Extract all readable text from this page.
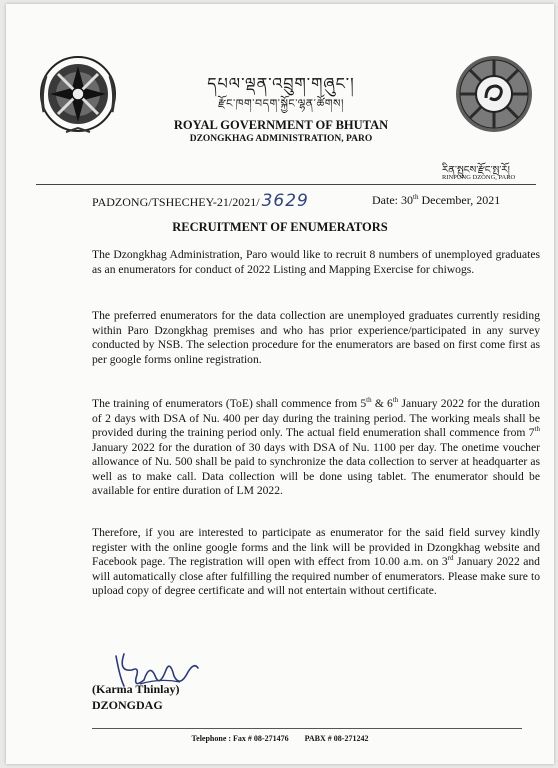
དཔལ་ལྡན་འབྲུག་གཞུང་།
རྫོང་ཁག་བདག་སྐྱོང་ལྷན་ཚོགས།
ROYAL GOVERNMENT OF BHUTAN
DZONGKHAG ADMINISTRATION, PARO
རིན་སྤུངས་རྫོང་སྤ་རོ།
RINPUNG DZONG, PARO
PADZONG/TSHECHEY-21/2021/ 3629	Date: 30th December, 2021
RECRUITMENT OF ENUMERATORS

The Dzongkhag Administration, Paro would like to recruit 8 numbers of unemployed graduates as an enumerators for conduct of 2022 Listing and Mapping Exercise for chiwogs.

The preferred enumerators for the data collection are unemployed graduates currently residing within Paro Dzongkhag premises and who has prior experience/participated in any survey conducted by NSB. The selection procedure for the enumerators are based on first come first as per google forms online registration.

The training of enumerators (ToE) shall commence from 5th & 6th January 2022 for the duration of 2 days with DSA of Nu. 400 per day during the training period. The working meals shall be provided during the training period only. The actual field enumeration shall commence from 7th January 2022 for the duration of 30 days with DSA of Nu. 1100 per day. The onetime voucher allowance of Nu. 500 shall be paid to synchronize the data collection to server at headquarter as well as to make call. Data collection will be done using tablet. The enumerator should be available for entire duration of LM 2022.

Therefore, if you are interested to participate as enumerator for the said field survey kindly register with the online google forms and the link will be provided in Dzongkhag website and Facebook page. The registration will open with effect from 10.00 a.m. on 3rd January 2022 and will automatically close after fulfilling the required number of enumerators. Please make sure to upload copy of degree certificate and will not entertain without certificate.

(Karma Thinlay)
DZONGDAG
Telephone : Fax # 08-271476 PABX # 08-271242
